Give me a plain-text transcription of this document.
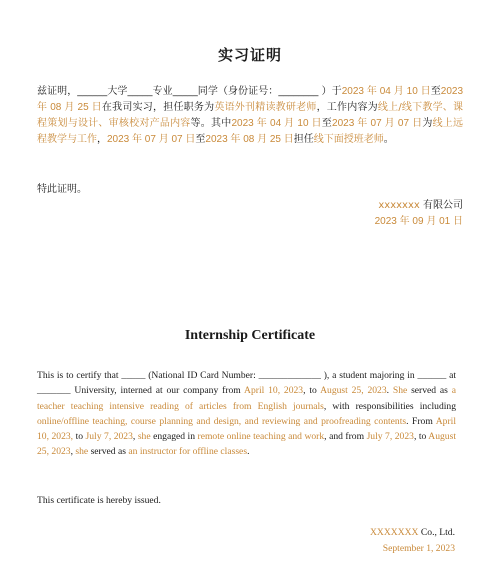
实习证明
兹证明，______大学_____专业_____同学（身份证号：________ ）于2023 年 04 月 10 日至2023 年 08 月 25 日在我司实习，担任职务为英语外刊精读教研老师，工作内容为线上/线下教学、课程策划与设计、审核校对产品内容等。其中2023 年 04 月 10 日至2023 年 07 月 07 日为线上远程教学与工作，2023 年 07 月 07 日至2023 年 08 月 25 日担任线下面授班老师。
特此证明。
xxxxxxx 有限公司
2023 年 09 月 01 日
Internship Certificate
This is to certify that _____ (National ID Card Number: _____________ ), a student majoring in ______ at _______ University, interned at our company from April 10, 2023, to August 25, 2023. She served as a teacher teaching intensive reading of articles from English journals, with responsibilities including online/offline teaching, course planning and design, and reviewing and proofreading contents. From April 10, 2023, to July 7, 2023, she engaged in remote online teaching and work, and from July 7, 2023, to August 25, 2023, she served as an instructor for offline classes.
This certificate is hereby issued.
XXXXXXX Co., Ltd.
September 1, 2023
